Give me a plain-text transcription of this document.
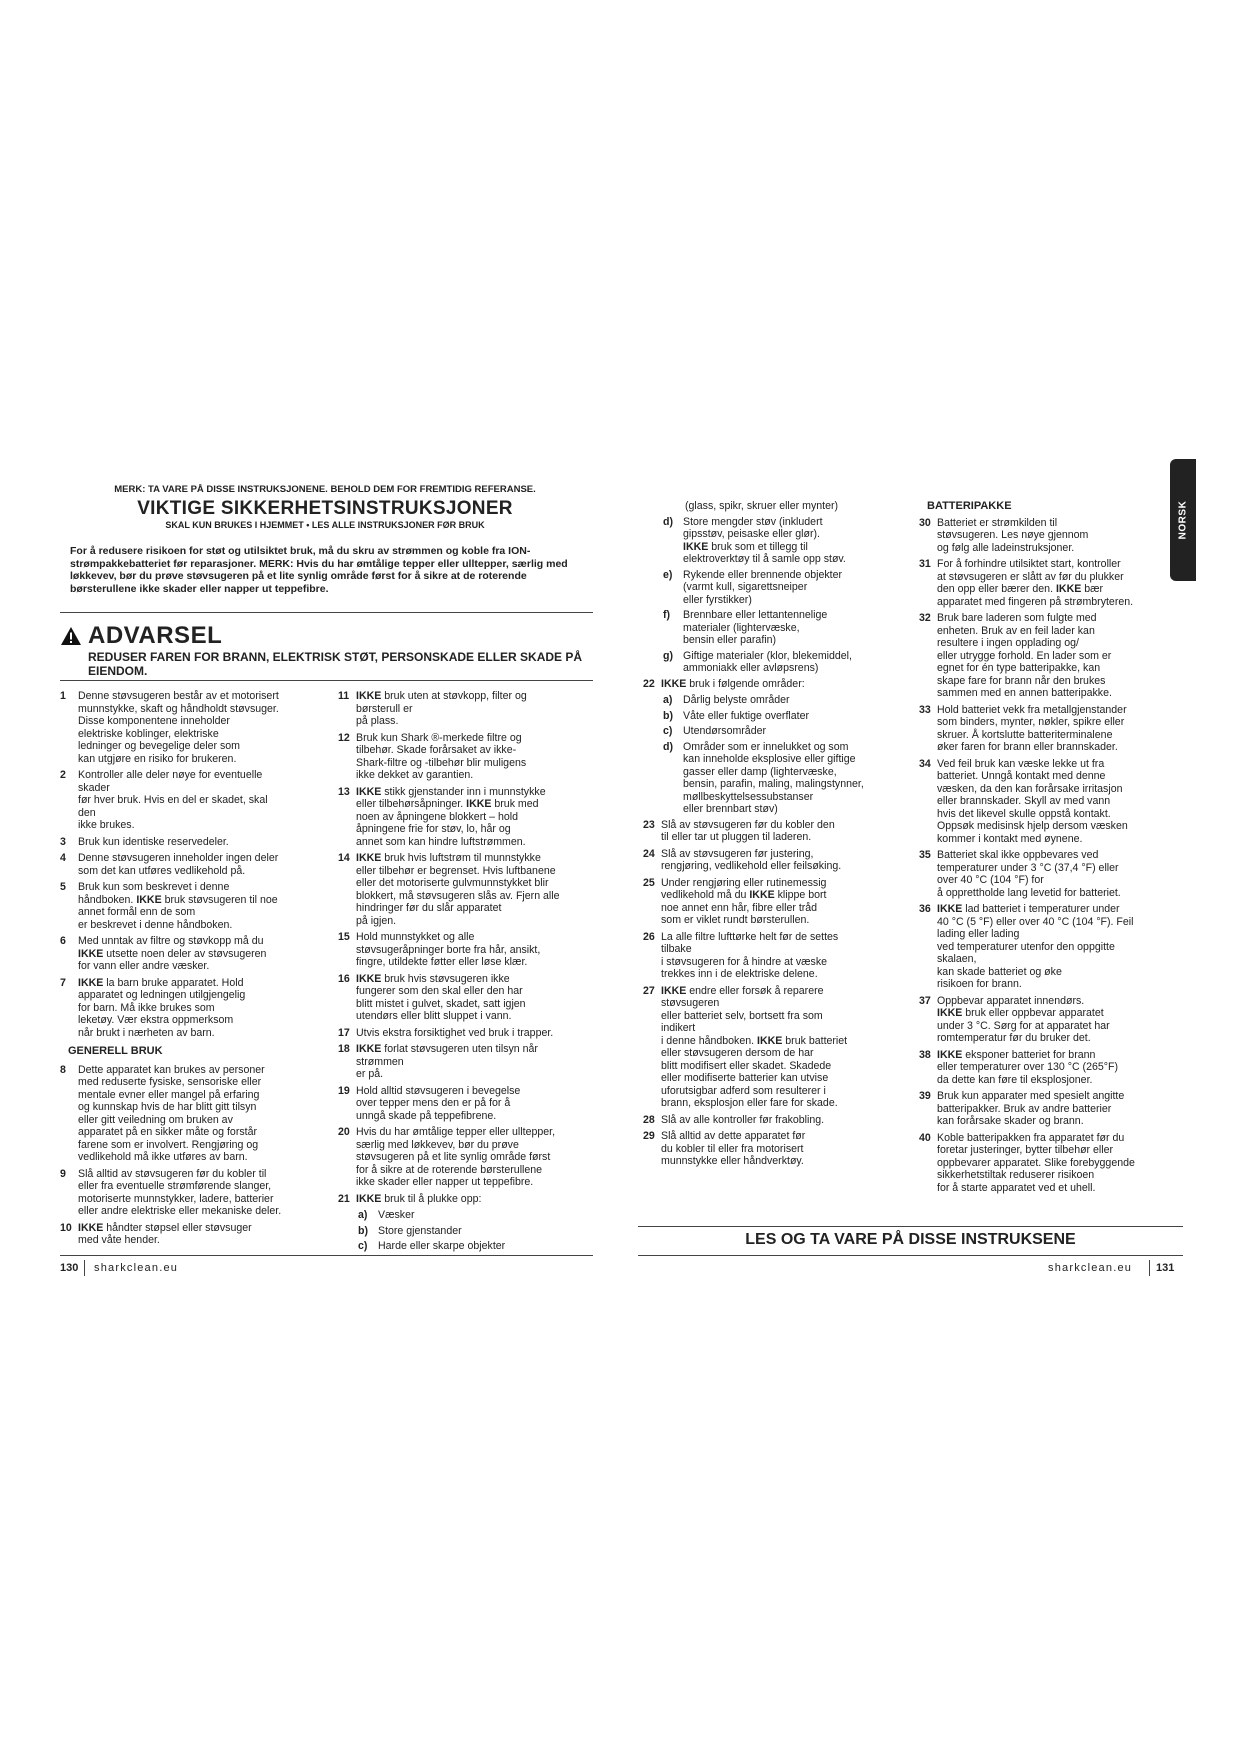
MERK: TA VARE PÅ DISSE INSTRUKSJONENE. BEHOLD DEM FOR FREMTIDIG REFERANSE.
VIKTIGE SIKKERHETSINSTRUKSJONER
SKAL KUN BRUKES I HJEMMET • LES ALLE INSTRUKSJONER FØR BRUK
For å redusere risikoen for støt og utilsiktet bruk, må du skru av strømmen og koble fra ION-strømpakkebatteriet før reparasjoner. MERK: Hvis du har ømtålige tepper eller ulltepper, særlig med løkkevev, bør du prøve støvsugeren på et lite synlig område først for å sikre at de roterende børsterullene ikke skader eller napper ut teppefibre.
ADVARSEL
REDUSER FAREN FOR BRANN, ELEKTRISK STØT, PERSONSKADE ELLER SKADE PÅ EIENDOM.
1	Denne støvsugeren består av et motorisert
munnstykke, skaft og håndholdt støvsuger.
Disse komponentene inneholder
elektriske koblinger, elektriske
ledninger og bevegelige deler som
kan utgjøre en risiko for brukeren.
2	Kontroller alle deler nøye for eventuelle
skader
før hver bruk. Hvis en del er skadet, skal
den
ikke brukes.
3	Bruk kun identiske reservedeler.
4	Denne støvsugeren inneholder ingen deler
som det kan utføres vedlikehold på.
5	Bruk kun som beskrevet i denne
håndboken. IKKE bruk støvsugeren til noe
annet formål enn de som
er beskrevet i denne håndboken.
6	Med unntak av filtre og støvkopp må du
IKKE utsette noen deler av støvsugeren
for vann eller andre væsker.
7	IKKE la barn bruke apparatet. Hold
apparatet og ledningen utilgjengelig
for barn. Må ikke brukes som
leketøy. Vær ekstra oppmerksom
når brukt i nærheten av barn.
GENERELL BRUK
8	Dette apparatet kan brukes av personer
med reduserte fysiske, sensoriske eller
mentale evner eller mangel på erfaring
og kunnskap hvis de har blitt gitt tilsyn
eller gitt veiledning om bruken av
apparatet på en sikker måte og forstår
farene som er involvert. Rengjøring og
vedlikehold må ikke utføres av barn.
9	Slå alltid av støvsugeren før du kobler til
eller fra eventuelle strømførende slanger,
motoriserte munnstykker, ladere, batterier
eller andre elektriske eller mekaniske deler.
10 IKKE håndter støpsel eller støvsuger
med våte hender.
11 IKKE bruk uten at støvkopp, filter og
børsterull er
på plass.
12 Bruk kun Shark ®-merkede filtre og
tilbehør. Skade forårsaket av ikke-
Shark-filtre og -tilbehør blir muligens
ikke dekket av garantien.
13 IKKE stikk gjenstander inn i munnstykke
eller tilbehørsåpninger. IKKE bruk med
noen av åpningene blokkert – hold
åpningene frie for støv, lo, hår og
annet som kan hindre luftstrømmen.
14 IKKE bruk hvis luftstrøm til munnstykke
eller tilbehør er begrenset. Hvis luftbanene
eller det motoriserte gulvmunnstykket blir
blokkert, må støvsugeren slås av. Fjern alle
hindringer før du slår apparatet
på igjen.
15 Hold munnstykket og alle
støvsugeråpninger borte fra hår, ansikt,
fingre, utildekte føtter eller løse klær.
16 IKKE bruk hvis støvsugeren ikke
fungerer som den skal eller den har
blitt mistet i gulvet, skadet, satt igjen
utendørs eller blitt sluppet i vann.
17 Utvis ekstra forsiktighet ved bruk i trapper.
18 IKKE forlat støvsugeren uten tilsyn når
strømmen
er på.
19 Hold alltid støvsugeren i bevegelse
over tepper mens den er på for å
unngå skade på teppefibrene.
20 Hvis du har ømtålige tepper eller ulltepper,
særlig med løkkevev, bør du prøve
støvsugeren på et lite synlig område først
for å sikre at de roterende børsterullene
ikke skader eller napper ut teppefibre.
21 IKKE bruk til å plukke opp:
a) Væsker
b) Store gjenstander
c) Harde eller skarpe objekter
(glass, spikr, skruer eller mynter)
d) Store mengder støv (inkludert
gipsstøv, peisaske eller glør).
IKKE bruk som et tillegg til
elektroverktøy til å samle opp støv.
e) Rykende eller brennende objekter
(varmt kull, sigarettsneiper
eller fyrstikker)
f)	Brennbare eller lettantennelige
materialer (lightervæske,
bensin eller parafin)
g) Giftige materialer (klor, blekemiddel,
ammoniakk eller avløpsrens)
22 IKKE bruk i følgende områder:
a) Dårlig belyste områder
b) Våte eller fuktige overflater
c) Utendørsområder
d) Områder som er innelukket og som
kan inneholde eksplosive eller giftige
gasser eller damp (lightervæske,
bensin, parafin, maling, malingstynner,
møllbeskyttelsessubstanser
eller brennbart støv)
23 Slå av støvsugeren før du kobler den
til eller tar ut pluggen til laderen.
24 Slå av støvsugeren før justering,
rengjøring, vedlikehold eller feilsøking.
25 Under rengjøring eller rutinemessig
vedlikehold må du IKKE klippe bort
noe annet enn hår, fibre eller tråd
som er viklet rundt børsterullen.
26 La alle filtre lufttørke helt før de settes
tilbake
i støvsugeren for å hindre at væske
trekkes inn i de elektriske delene.
27 IKKE endre eller forsøk å reparere
støvsugeren
eller batteriet selv, bortsett fra som
indikert
i denne håndboken. IKKE bruk batteriet
eller støvsugeren dersom de har
blitt modifisert eller skadet. Skadede
eller modifiserte batterier kan utvise
uforutsigbar adferd som resulterer i
brann, eksplosjon eller fare for skade.
28 Slå av alle kontroller før frakobling.
29 Slå alltid av dette apparatet før
du kobler til eller fra motorisert
munnstykke eller håndverktøy.
BATTERIPAKKE
30 Batteriet er strømkilden til
støvsugeren. Les nøye gjennom
og følg alle ladeinstruksjoner.
31 For å forhindre utilsiktet start, kontroller
at støvsugeren er slått av før du plukker
den opp eller bærer den. IKKE bær
apparatet med fingeren på strømbryteren.
32 Bruk bare laderen som fulgte med
enheten. Bruk av en feil lader kan
resultere i ingen opplading og/
eller utrygge forhold. En lader som er
egnet for én type batteripakke, kan
skape fare for brann når den brukes
sammen med en annen batteripakke.
33 Hold batteriet vekk fra metallgjenstander
som binders, mynter, nøkler, spikre eller
skruer. Å kortslutte batteriterminalene
øker faren for brann eller brannskader.
34 Ved feil bruk kan væske lekke ut fra
batteriet. Unngå kontakt med denne
væsken, da den kan forårsake irritasjon
eller brannskader. Skyll av med vann
hvis det likevel skulle oppstå kontakt.
Oppsøk medisinsk hjelp dersom væsken
kommer i kontakt med øynene.
35 Batteriet skal ikke oppbevares ved
temperaturer under 3 °C (37,4 °F) eller
over 40 °C (104 °F) for
å opprettholde lang levetid for batteriet.
36 IKKE lad batteriet i temperaturer under
40 °C (5 °F) eller over 40 °C (104 °F). Feil
lading eller lading
ved temperaturer utenfor den oppgitte
skalaen,
kan skade batteriet og øke
risikoen for brann.
37 Oppbevar apparatet innendørs.
IKKE bruk eller oppbevar apparatet
under 3 °C. Sørg for at apparatet har
romtemperatur før du bruker det.
38 IKKE eksponer batteriet for brann
eller temperaturer over 130 °C (265°F)
da dette kan føre til eksplosjoner.
39 Bruk kun apparater med spesielt angitte
batteripakker. Bruk av andre batterier
kan forårsake skader og brann.
40 Koble batteripakken fra apparatet før du
foretar justeringer, bytter tilbehør eller
oppbevarer apparatet. Slike forebyggende
sikkerhetstiltak reduserer risikoen
for å starte apparatet ved et uhell.
NORSK
LES OG TA VARE PÅ DISSE INSTRUKSENE
130 sharkclean.eu	sharkclean.eu 131
